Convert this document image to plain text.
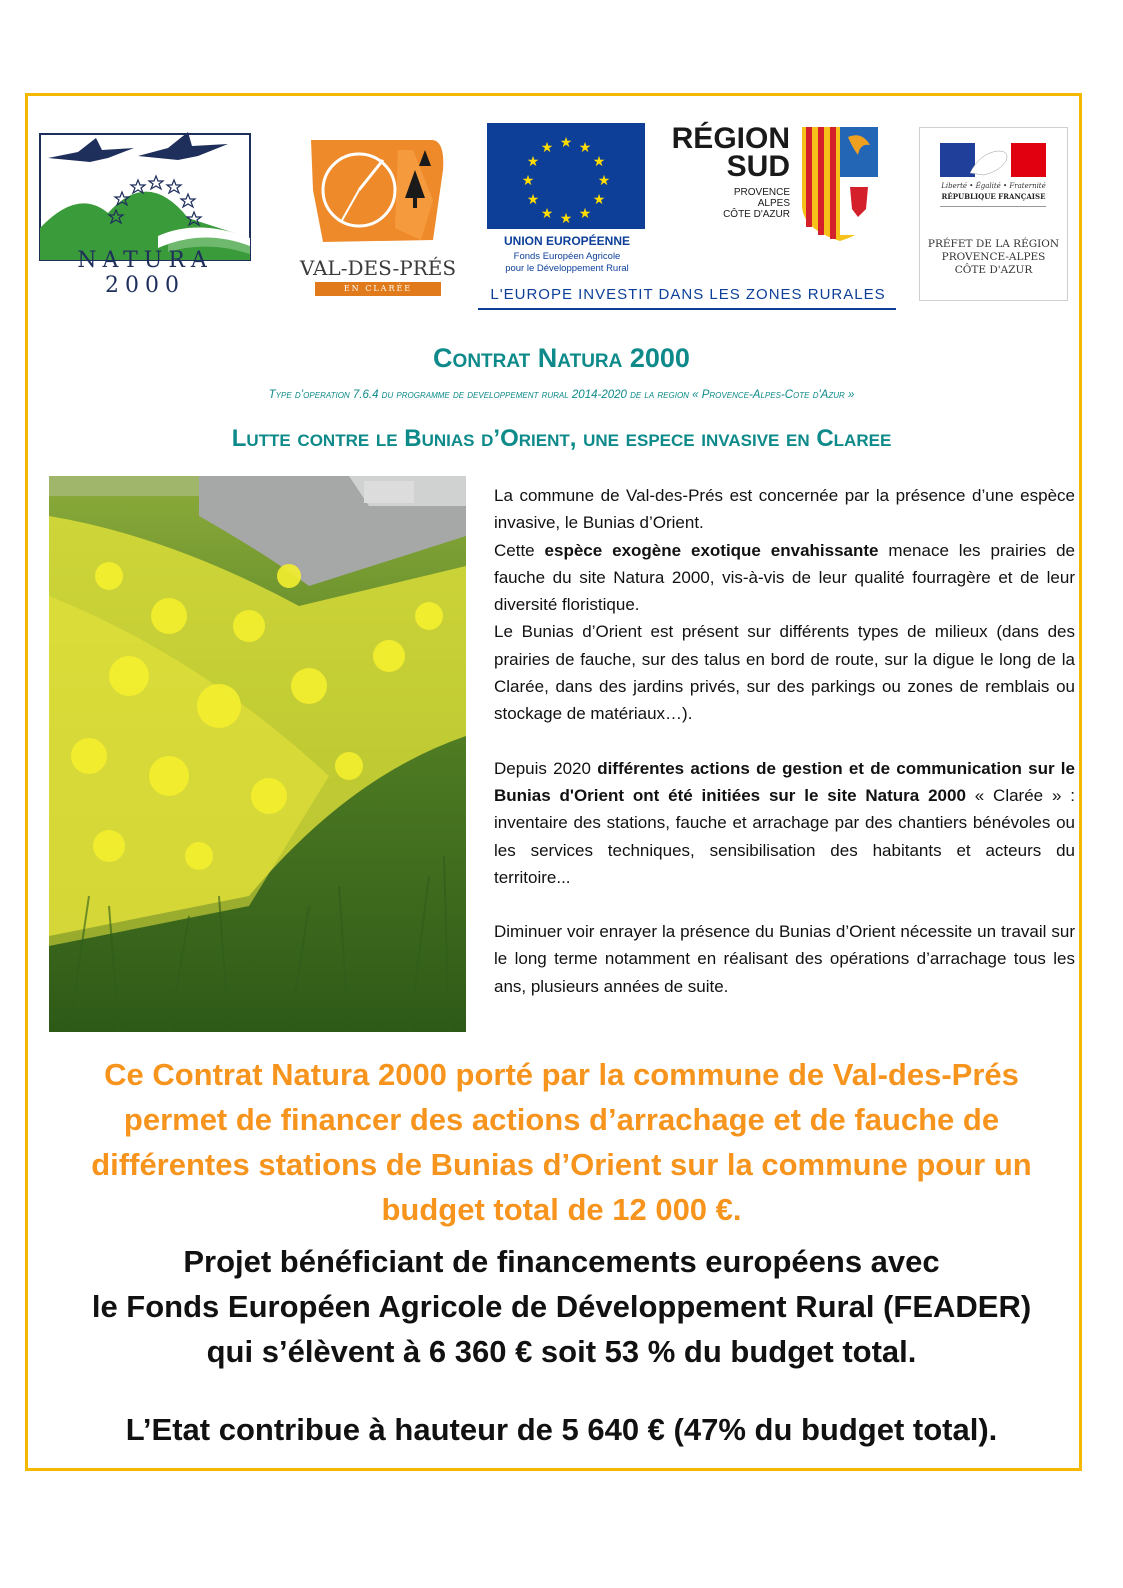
NATURA 2000
VAL-DES-PRÉS
EN CLARÉE
★ ★
★
★
★
★
★
★
★
★
★
★
UNION EUROPÉENNE
Fonds Européen Agricole
pour le Développement Rural
L'EUROPE INVESTIT DANS LES ZONES RURALES
RÉGION
SUD
PROVENCE
ALPES
CÔTE D'AZUR
Liberté • Égalité • Fraternité
RÉPUBLIQUE FRANÇAISE
PRÉFET DE LA RÉGION
PROVENCE-ALPES
CÔTE D'AZUR
Contrat Natura 2000
Type d’operation 7.6.4 du programme de developpement rural 2014-2020 de la region « Provence-Alpes-Cote d'Azur »
Lutte contre le Bunias d’Orient, une espece invasive en Claree

La commune de Val-des-Prés est concernée par la présence d’une espèce invasive, le Bunias d’Orient.

Cette espèce exogène exotique envahissante menace les prairies de fauche du site Natura 2000, vis-à-vis de leur qualité fourragère et de leur diversité floristique.

Le Bunias d’Orient est présent sur différents types de milieux (dans des prairies de fauche, sur des talus en bord de route, sur la digue le long de la Clarée, dans des jardins privés, sur des parkings ou zones de remblais ou stockage de matériaux…).

Depuis 2020 différentes actions de gestion et de communication sur le Bunias d'Orient ont été initiées sur le site Natura 2000 « Clarée » : inventaire des stations, fauche et arrachage par des chantiers bénévoles ou les services techniques, sensibilisation des habitants et acteurs du territoire...

Diminuer voir enrayer la présence du Bunias d’Orient nécessite un travail sur le long terme notamment en réalisant des opérations d’arrachage tous les ans, plusieurs années de suite.

Ce Contrat Natura 2000 porté par la commune de Val-des-Prés permet de financer des actions d’arrachage et de fauche de différentes stations de Bunias d’Orient sur la commune pour un budget total de 12 000 €.
Projet bénéficiant de financements européens avec
le Fonds Européen Agricole de Développement Rural (FEADER)
qui s’élèvent à 6 360 € soit 53 % du budget total.
L’Etat contribue à hauteur de 5 640 € (47% du budget total).
